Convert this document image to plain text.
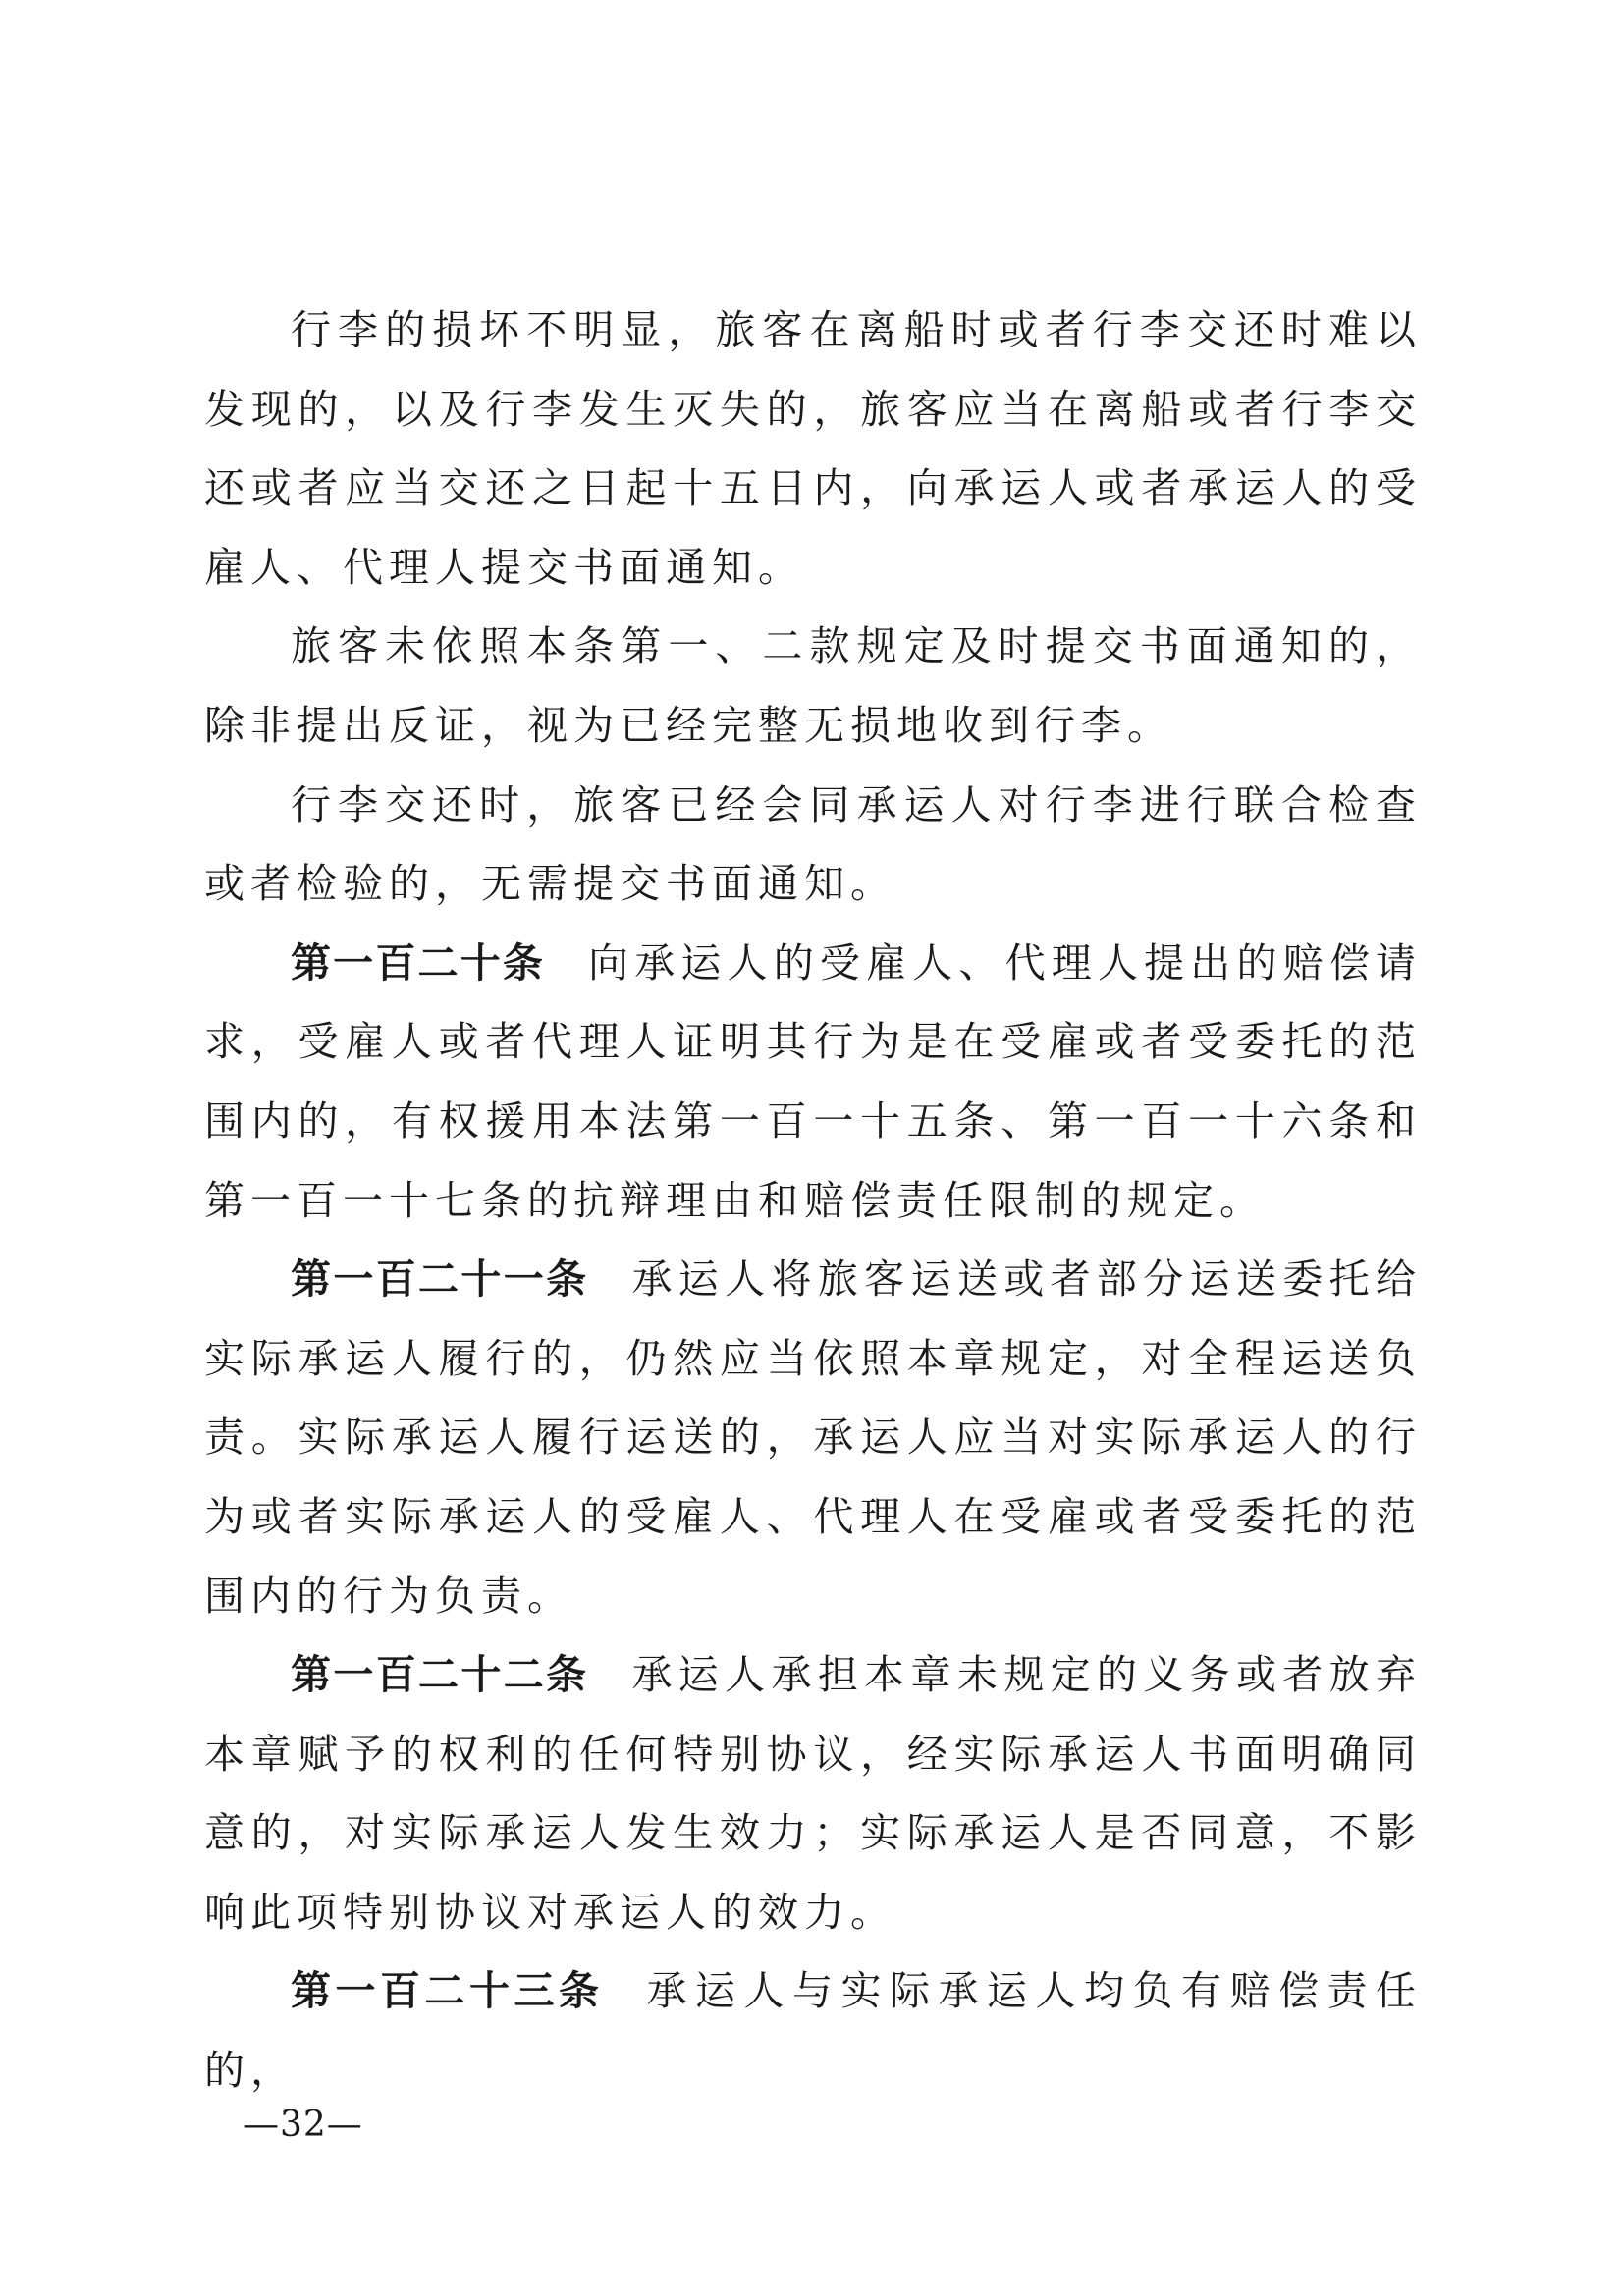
行李的损坏不明显，旅客在离船时或者行李交还时难以发现的，以及行李发生灭失的，旅客应当在离船或者行李交还或者应当交还之日起十五日内，向承运人或者承运人的受雇人、代理人提交书面通知。

旅客未依照本条第一、二款规定及时提交书面通知的，除非提出反证，视为已经完整无损地收到行李。

行李交还时，旅客已经会同承运人对行李进行联合检查或者检验的，无需提交书面通知。

第一百二十条 向承运人的受雇人、代理人提出的赔偿请求，受雇人或者代理人证明其行为是在受雇或者受委托的范围内的，有权援用本法第一百一十五条、第一百一十六条和第一百一十七条的抗辩理由和赔偿责任限制的规定。

第一百二十一条 承运人将旅客运送或者部分运送委托给实际承运人履行的，仍然应当依照本章规定，对全程运送负责。实际承运人履行运送的，承运人应当对实际承运人的行为或者实际承运人的受雇人、代理人在受雇或者受委托的范围内的行为负责。

第一百二十二条 承运人承担本章未规定的义务或者放弃本章赋予的权利的任何特别协议，经实际承运人书面明确同意的，对实际承运人发生效力；实际承运人是否同意，不影响此项特别协议对承运人的效力。

第一百二十三条 承运人与实际承运人均负有赔偿责任的，

—32—
